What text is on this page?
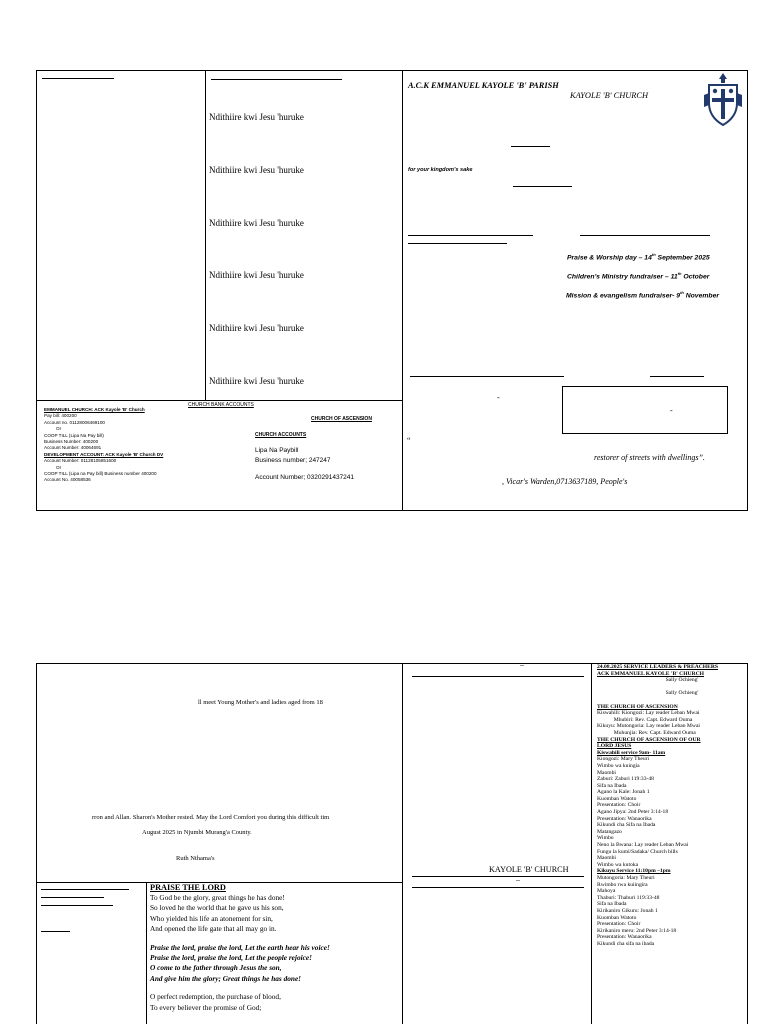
Ndithiire kwi Jesu 'huruke
Ndithiire kwi Jesu 'huruke
Ndithiire kwi Jesu 'huruke
Ndithiire kwi Jesu 'huruke
Ndithiire kwi Jesu 'huruke
Ndithiire kwi Jesu 'huruke
CHURCH BANK ACCOUNTS
EMMANUEL CHURCH: ACK Kayole 'B' Church
Pay bill: 400200
Account no. 01128006469100
Or
COOP TILL (Lipa Na Pay bill)
Business Number: 400200
Account Number: 40064691
DEVELOPMENT ACCOUNT: ACK Kayole 'B' Church DV
Account Number: 01128105851600
Or
COOP TILL (Lipa na Pay bill) Business number 400200
Account No. 40058536
CHURCH OF ASCENSION
CHURCH ACCOUNTS
Lipa Na Paybill
Business number; 247247
Account Number; 0320291437241
A.C.K EMMANUEL KAYOLE 'B' PARISH
KAYOLE 'B' CHURCH
for your kingdom's sake
Praise & Worship day – 14th September 2025
Children's Ministry fundraiser – 11th October
Mission & evangelism fundraiser- 9th November
-
-
“
restorer of streets with dwellings”.
, Vicar's Warden,0713637189, People's
ll meet Young Mother's and ladies aged from 18
rron and Allan. Sharon's Mother rested. May the Lord Comfort you during this difficult tim
August 2025 in Njumbi Murang'a County.
Ruth Nthama's
PRAISE THE LORD
To God be the glory, great things he has done!
So loved he the world that he gave us his son,
Who yielded his life an atonement for sin,
And opened the life gate that all may go in.
Praise the lord, praise the lord, Let the earth hear his voice!
Praise the lord, praise the lord, Let the people rejoice!
O come to the father through Jesus the son,
And give him the glory; Great things he has done!
O perfect redemption, the purchase of blood,
To every believer the promise of God;
–
KAYOLE 'B' CHURCH
–
24.08.2025 SERVICE LEADERS & PREACHERS
ACK EMMANUEL KAYOLE 'B' CHURCH
Sally Ochieng'

Sally Ochieng'

THE CHURCH OF ASCENSION
Kiswahili: Kiongozi: Lay reader Leban Mwai
Mhubiri: Rev. Capt. Edward Ouma
Kikuyu: Mutongoria: Lay reader Leban Mwai
Muhunjia: Rev. Capt. Edward Ouma
THE CHURCH OF ASCENSION OF OUR
LORD JESUS
Kiswahili service 9am- 11am
Kiongozi: Mary Theuri
Wimbo wa kuingia
Maombi
Zaburi: Zaburi 119:33-48
Sifa na Ibada
Agano la Kale: Jonah 1
Kuomban Watoto
Presentation: Choir
Agano Jipya: 2nd Peter 3:14-18
Presentation: Wanaorika
Kikundi cha Sifa na Ibada
Matangazo
Wimbo
Neno la Bwana: Lay reader Leban Mwai
Fungu la kumi/Sadaka/ Church bills
Maombi
Wimbo wa kutoka
Kikuyu Service 11:10pm –1pm
Mutongoria: Mary Theuri
Rwimbo rwa kuiingira
Mahoya
Thaburi: Thaburi 119:33-48
Sifa na Ibada
Kirikaniro Gikuru: Jonah 1
Kuomban Watoto
Presentation: Choir
Kirikaniro meru: 2nd Peter 3:14-18
Presentation: Wanaorika
Kikundi cha sifa na ibada
